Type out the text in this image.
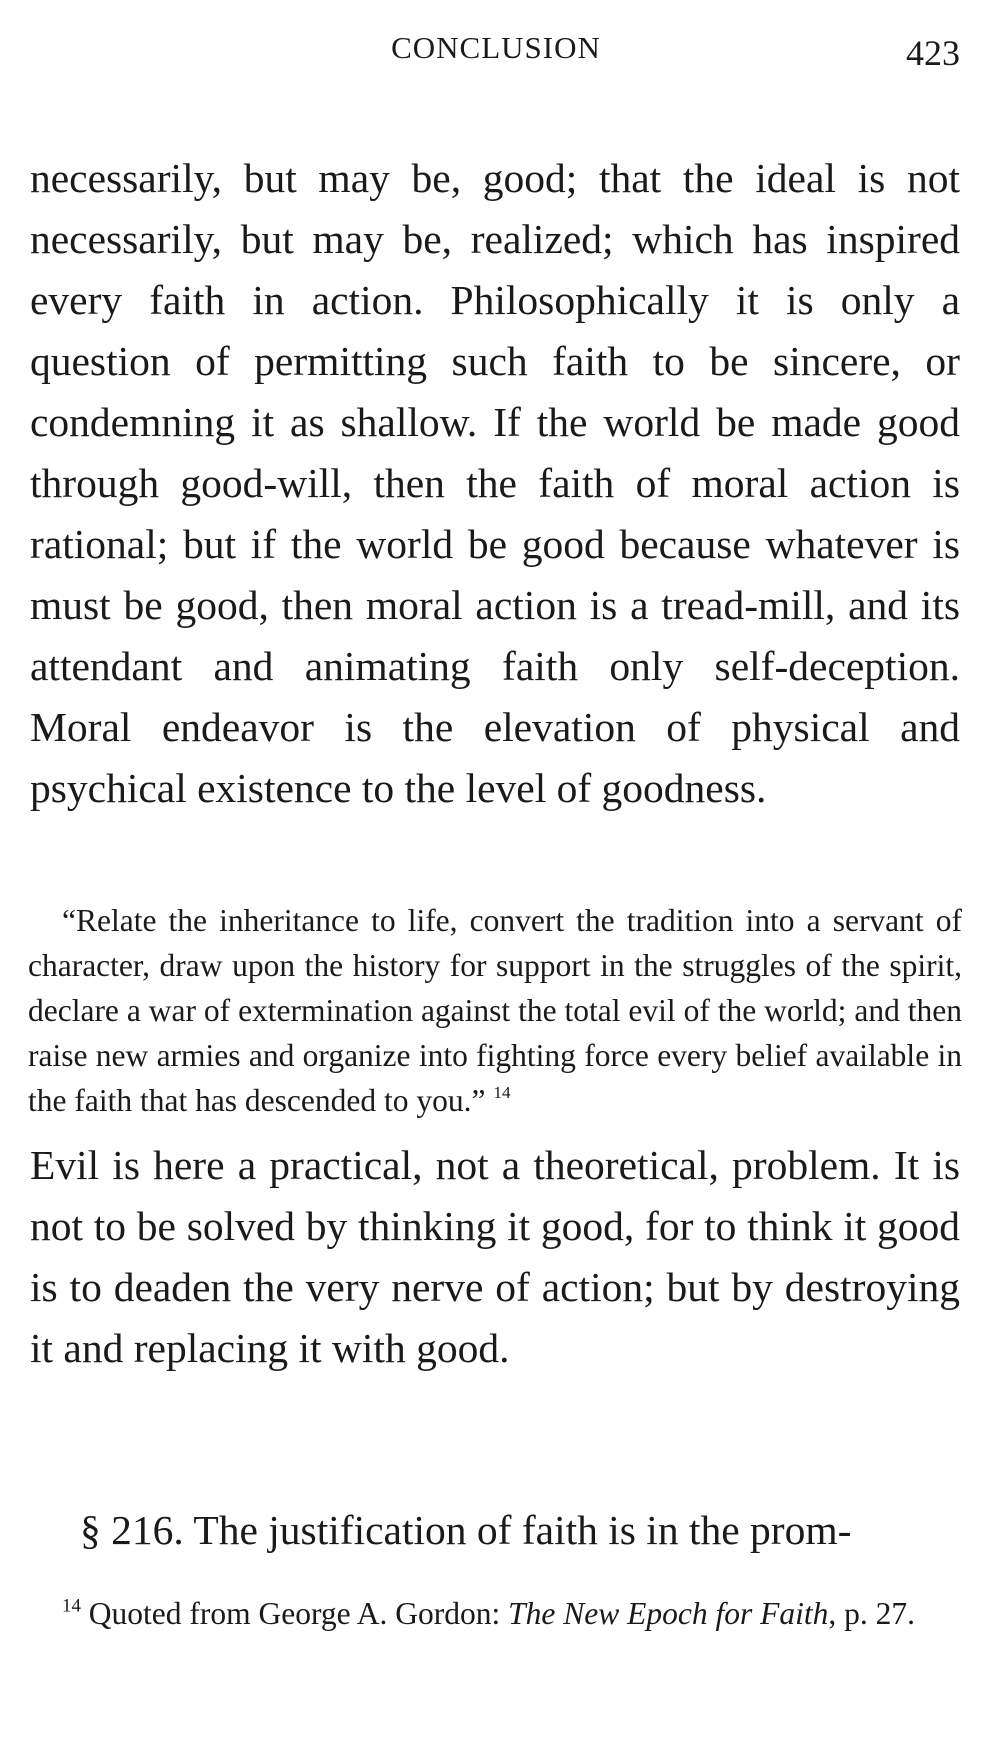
CONCLUSION	423

necessarily, but may be, good; that the ideal is not necessarily, but may be, realized; which has inspired every faith in action. Philosophically it is only a question of permitting such faith to be sincere, or condemning it as shallow. If the world be made good through good-will, then the faith of moral action is rational; but if the world be good because whatever is must be good, then moral action is a tread-mill, and its attendant and animating faith only self-deception. Moral endeavor is the elevation of physical and psychical existence to the level of goodness.

“Relate the inheritance to life, convert the tradition into a servant of character, draw upon the history for support in the struggles of the spirit, declare a war of extermination against the total evil of the world; and then raise new armies and organize into fighting force every belief available in the faith that has descended to you.” $^{14}$

Evil is here a practical, not a theoretical, problem. It is not to be solved by thinking it good, for to think it good is to deaden the very nerve of action; but by destroying it and replacing it with good.

§ 216. The justification of faith is in the prom-

$^{14}$ Quoted from George A. Gordon: The New Epoch for Faith, p. 27.
